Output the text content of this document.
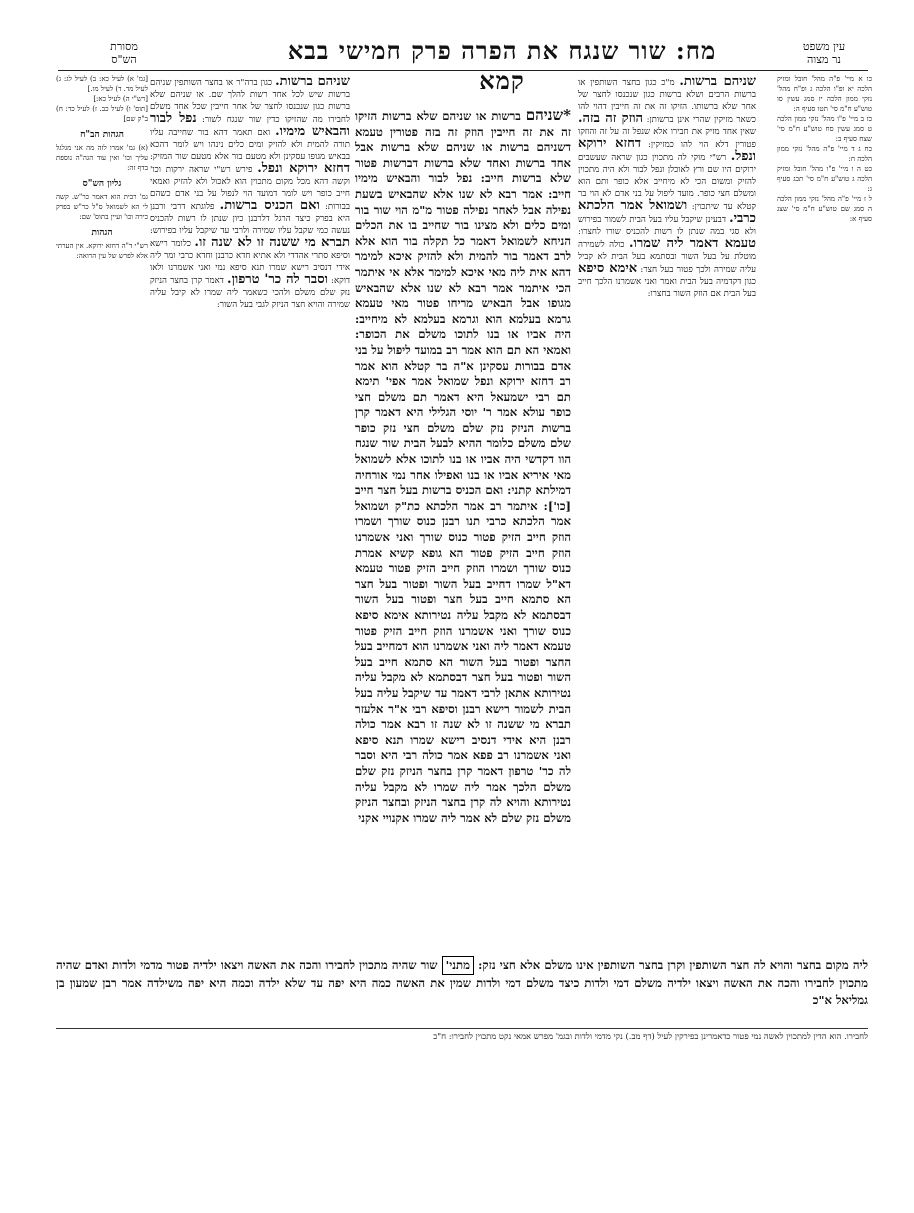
עין משפט
נר מצוה
מח: שור שנגח את הפרה פרק חמישי בבא קמא
מסורת
הש"ס
כו א מיי' פ"ה מהל' חובל ומזיק הלכה יא ופ"ו הלכה ג ופ"ח מהל' נזקי ממון הלכה יז סמג עשין סו טוש"ע ח"מ סי' תטו סעיף ה:
כז ב מיי' פ"ו מהל' נזקי ממון הלכה ט סמג עשין סח טוש"ע ח"מ סי' שצח סעיף ב:
כח ג ד מיי' פ"ה מהל' נזקי ממון הלכה ח:
כט ה ו מיי' פ"ו מהל' חובל ומזיק הלכה ג טוש"ע ח"מ סי' תכג סעיף ג:
ל ז מיי' פ"ה מהל' נזקי ממון הלכה ה סמג שם טוש"ע ח"מ סי' שצג סעיף א:
שניהם ברשות. מ"כ כגון בחצר השותפין או ברשות הרבים ושלא ברשות כגון שנכנסו לחצר של אחר שלא ברשותו. הזיקו זה את זה חייבין דהוי להו כשאר מזיקין שהרי אינן ברשותן: הוזק זה בזה. שאין אחד מזיק את חבירו אלא שנפל זה על זה והוזקו פטורין דלא הוי להו כמזיקין: דחזא ירוקא ונפל. רש"י מוקי לה מתכוין כגון שראה שעשבים ירוקים היו שם ורץ לאוכלן ונפל לבור ולא היה מתכוין להזיק ומשום הכי לא מיחייב אלא כופר ותם הוא ומשלם חצי כופר. מועד ליפול על בני אדם לא הוי בר קטלא עד שיתכוין: ושמואל אמר הלכתא כרבי. דבעינן שיקבל עליו בעל הבית לשמור בפירוש ולא סגי במה שנתן לו רשות להכניס שורו לחצרו: טעמא דאמר ליה שמרו. כולה לשמירה מוטלת על בעל השור ובסתמא בעל הבית לא קביל עליה שמירה ולכך פטור בעל חצר: אימא סיפא כגון דקדמיה בעל הבית ואמר ואני אשמרנו הלכך חייב בעל הבית אם הוזק השור בחצרו:
*שניהם ברשות או שניהם שלא ברשות הזיקו זה את זה חייבין הוזק זה בזה פטורין טעמא דשניהם ברשות או שניהם שלא ברשות אבל אחד ברשות ואחד שלא ברשות דברשות פטור שלא ברשות חייב: נפל לבור והבאיש מימיו חייב: אמר רבא לא שנו אלא שהבאיש בשעת נפילה אבל לאחר נפילה פטור מ"מ הוי שור בור ומים כלים ולא מצינו בור שחייב בו את הכלים הניחא לשמואל דאמר כל תקלה בור הוא אלא לרב דאמר בור להמית ולא להזיק איכא למימר דהא אית ליה מאי איכא למימר אלא אי איתמר הכי איתמר אמר רבא לא שנו אלא שהבאיש מגופו אבל הבאיש מריחו פטור מאי טעמא גרמא בעלמא הוא וגרמא בעלמא לא מיחייב: היה אביו או בנו לתוכו משלם את הכופר: ואמאי הא תם הוא אמר רב במועד ליפול על בני אדם בבורות עסקינן א"ה בר קטלא הוא אמר רב דחזא ירוקא ונפל שמואל אמר אפי' תימא תם רבי ישמעאל היא דאמר תם משלם חצי כופר עולא אמר ר' יוסי הגלילי היא דאמר קרן ברשות הניזק נזק שלם משלם חצי נזק כופר שלם משלם כלומר ההיא לבעל הבית שור שנגח הוו דקדשי היה אביו או בנו לתוכו אלא לשמואל מאי איריא אביו או בנו ואפילו אחר נמי אורחיה דמילתא קתני: ואם הכניס ברשות בעל חצר חייב [כו']: איתמר רב אמר הלכתא כת"ק ושמואל אמר הלכתא כרבי תנו רבנן כנוס שורך ושמרו הוזק חייב הזיק פטור כנוס שורך ואני אשמרנו הוזק חייב הזיק פטור הא גופא קשיא אמרת כנוס שורך ושמרו הוזק חייב הזיק פטור טעמא דא"ל שמרו דחייב בעל השור ופטור בעל חצר הא סתמא חייב בעל חצר ופטור בעל השור דבסתמא לא מקבל עליה נטירותא אימא סיפא כנוס שורך ואני אשמרנו הוזק חייב הזיק פטור טעמא דאמר ליה ואני אשמרנו הוא דמחייב בעל החצר ופטור בעל השור הא סתמא חייב בעל השור ופטור בעל חצר דבסתמא לא מקבל עליה נטירותא אתאן לרבי דאמר עד שיקבל עליה בעל הבית לשמור רישא רבנן וסיפא רבי א"ר אלעזר תברא מי ששנה זו לא שנה זו רבא אמר כולה רבנן היא אידי דנסיב רישא שמרו תנא סיפא ואני אשמרנו רב פפא אמר כולה רבי היא וסבר לה כר' טרפון דאמר קרן בחצר הניזק נזק שלם משלם הלכך אמר ליה שמרו לא מקבל עליה נטירותא והויא לה קרן בחצר הניזק ובחצר הניזק משלם נזק שלם לא אמר ליה שמרו אקנויי אקני
שניהם ברשות. כגון ברה"ר או בחצר השותפין שניהם ברשות שיש לכל אחד רשות להלך שם. או שניהם שלא ברשות כגון שנכנסו לחצר של אחר חייבין שכל אחד משלם לחבירו מה שהזיקו כדין שור שנגח לשור: נפל לבור והבאיש מימיו. ואם תאמר דהא בור שחייבה עליו תורה להמית ולא להזיק ומים כלים נינהו ויש לומר דהכא בבאיש מגופו עסקינן ולא מטעם בור אלא מטעם שור המזיק: דחזא ירוקא ונפל. פירש רש"י שראה ירקות וכו' וקשה דהא מכל מקום מתכוין הוא לאכול ולא להזיק ואמאי חייב כופר ויש לומר דמועד הוי לנפול על בני אדם כשהם בבורות: ואם הכניס ברשות. פלוגתא דרבי ורבנן היא בפרק כיצד הרגל דלרבנן כיון שנתן לו רשות להכניס נעשה כמי שקבל עליו שמירה ולרבי עד שיקבל עליו בפירוש: תברא מי ששנה זו לא שנה זו. כלומר רישא וסיפא סתרי אהדדי ולא אתיא חדא כרבנן וחדא כרבי ומר ליה אידי דנסיב רישא שמרו תנא סיפא נמי ואני אשמרנו ולאו דוקא: וסבר לה כר' טרפון. דאמר קרן בחצר הניזק נזק שלם משלם ולהכי כשאמר ליה שמרו לא קיבל עליה שמירה והויא חצר הניזק לגבי בעל השור:
[גמ' א) לעיל כא: ב) לעיל לג: ג) לעיל מד. ד) לעיל מו.]
[רש"י ה) לעיל כא:]
[תוס' ו) לעיל כב. ז) לעיל כד: ח) ב"ק שם]
הגהות הב"ח
(א) גמ' אמרו לזה מה אני מגלגל עליך וכו' ואין עוד הגה"ה נוספת בדף זה:
גליון הש"ס
גמ' רבית הוא דאמר כר"ש. קשה לי הא לשמואל ס"ל כר"ש בפרק כירה וכו' ועיין בתוס' שם:
הגהות
רש"י ד"ה דחזא ירוקא. אין הערתי אלא לפרש של עין הרואה:
ליה מקום בחצר והויא לה חצר השותפין וקרן בחצר השותפין אינו משלם אלא חצי נזק: מתני' שור שהיה מתכוין לחבירו והכה את האשה ויצאו ילדיה פטור מדמי ולדות ואדם שהיה מתכוין לחבירו והכה את האשה ויצאו ילדיה משלם דמי ולדות כיצד משלם דמי ולדות שמין את האשה כמה היא יפה עד שלא ילדה וכמה היא יפה משילדה אמר רבן שמעון בן גמליאל א"כ
לחבירו. הוא הדין למתכוין לאשה נמי פטור כדאמרינן בפירקין לעיל (דף מב.) נקי מדמי ולדות ובגמ' מפרש אמאי נקט מתכוין לחבירו: ח"כ
